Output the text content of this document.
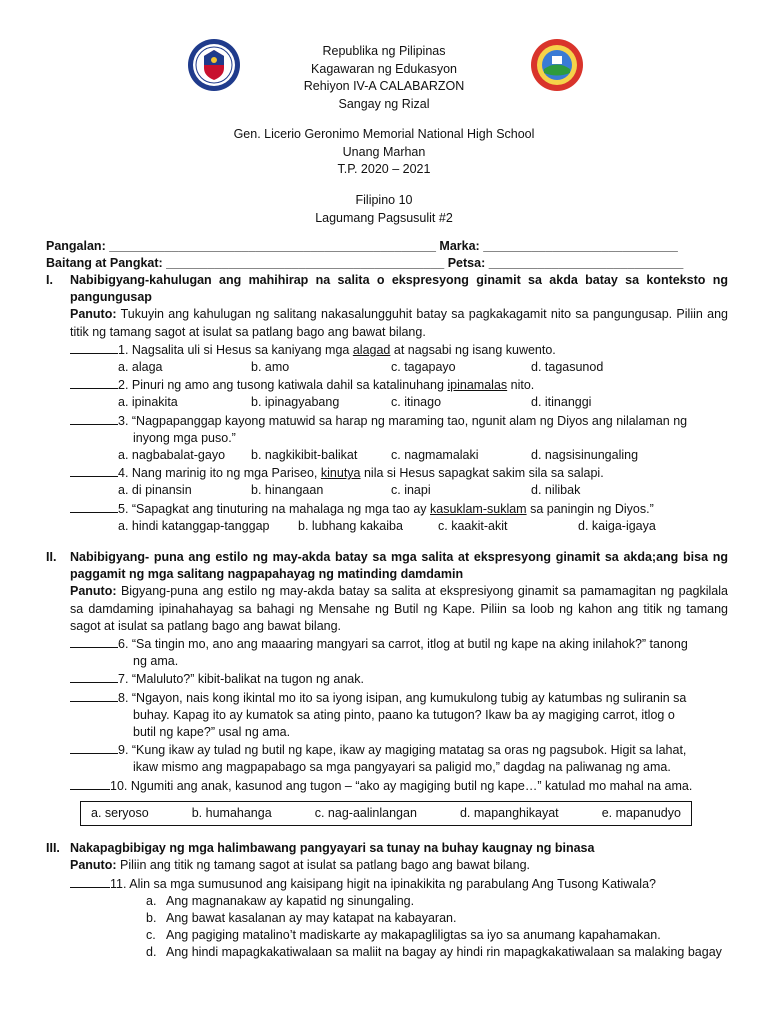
Republika ng Pilipinas
Kagawaran ng Edukasyon
Rehiyon IV-A CALABARZON
Sangay ng Rizal
Gen. Licerio Geronimo Memorial National High School
Unang Marhan
T.P. 2020 – 2021
Filipino 10
Lagumang Pagsusulit #2
Pangalan: _______________________________________________ Marka: ____________________________
Baitang at Pangkat: ________________________________________ Petsa: ____________________________
I.	Nabibigyang-kahulugan ang mahihirap na salita o ekspresyong ginamit sa akda batay sa konteksto ng pangungusap
Panuto: Tukuyin ang kahulugan ng salitang nakasalungguhit batay sa pagkakagamit nito sa pangungusap. Piliin ang titik ng tamang sagot at isulat sa patlang bago ang bawat bilang.
1. Nagsalita uli si Hesus sa kaniyang mga alagad at nagsabi ng isang kuwento.
a. alaga	b. amo	c. tagapayo	d. tagasunod
2. Pinuri ng amo ang tusong katiwala dahil sa katalinuhang ipinamalas nito.
a. ipinakita	b. ipinagyabang	c. itinago	d. itinanggi
3. “Nagpapanggap kayong matuwid sa harap ng maraming tao, ngunit alam ng Diyos ang nilalaman ng
inyong mga puso.”
a. nagbabalat-gayo	b. nagkikibit-balikat	c. nagmamalaki	d. nagsisinungaling
4. Nang marinig ito ng mga Pariseo, kinutya nila si Hesus sapagkat sakim sila sa salapi.
a. di pinansin	b. hinangaan	c. inapi	d. nilibak
5. “Sapagkat ang tinuturing na mahalaga ng mga tao ay kasuklam-suklam sa paningin ng Diyos.”
a. hindi katanggap-tanggap	b. lubhang kakaiba	c. kaakit-akit	d. kaiga-igaya
II.	Nabibigyang- puna ang estilo ng may-akda batay sa mga salita at ekspresyong ginamit sa akda;ang bisa ng paggamit ng mga salitang nagpapahayag ng matinding damdamin
Panuto: Bigyang-puna ang estilo ng may-akda batay sa salita at ekspresiyong ginamit sa pamamagitan ng pagkilala sa damdaming ipinahahayag sa bahagi ng Mensahe ng Butil ng Kape. Piliin sa loob ng kahon ang titik ng tamang sagot at isulat sa patlang bago ang bawat bilang.
6. “Sa tingin mo, ano ang maaaring mangyari sa carrot, itlog at butil ng kape na aking inilahok?” tanong
ng ama.
7. “Maluluto?” kibit-balikat na tugon ng anak.
8. “Ngayon, nais kong ikintal mo ito sa iyong isipan, ang kumukulong tubig ay katumbas ng suliranin sa
buhay. Kapag ito ay kumatok sa ating pinto, paano ka tutugon? Ikaw ba ay magiging carrot, itlog o
butil ng kape?” usal ng ama.
9. “Kung ikaw ay tulad ng butil ng kape, ikaw ay magiging matatag sa oras ng pagsubok. Higit sa lahat,
ikaw mismo ang magpapabago sa mga pangyayari sa paligid mo,” dagdag na paliwanag ng ama.
10. Ngumiti ang anak, kasunod ang tugon – “ako ay magiging butil ng kape…” katulad mo mahal na ama.
a. seryoso	b. humahanga	c. nag-aalinlangan	d. mapanghikayat	e. mapanudyo
III. Nakapagbibigay ng mga halimbawang pangyayari sa tunay na buhay kaugnay ng binasa
Panuto: Piliin ang titik ng tamang sagot at isulat sa patlang bago ang bawat bilang.
11. Alin sa mga sumusunod ang kaisipang higit na ipinakikita ng parabulang Ang Tusong Katiwala?
a. Ang magnanakaw ay kapatid ng sinungaling.
b. Ang bawat kasalanan ay may katapat na kabayaran.
c. Ang pagiging matalino’t madiskarte ay makapagliligtas sa iyo sa anumang kapahamakan.
d. Ang hindi mapagkakatiwalaan sa maliit na bagay ay hindi rin mapagkakatiwalaan sa malaking bagay
